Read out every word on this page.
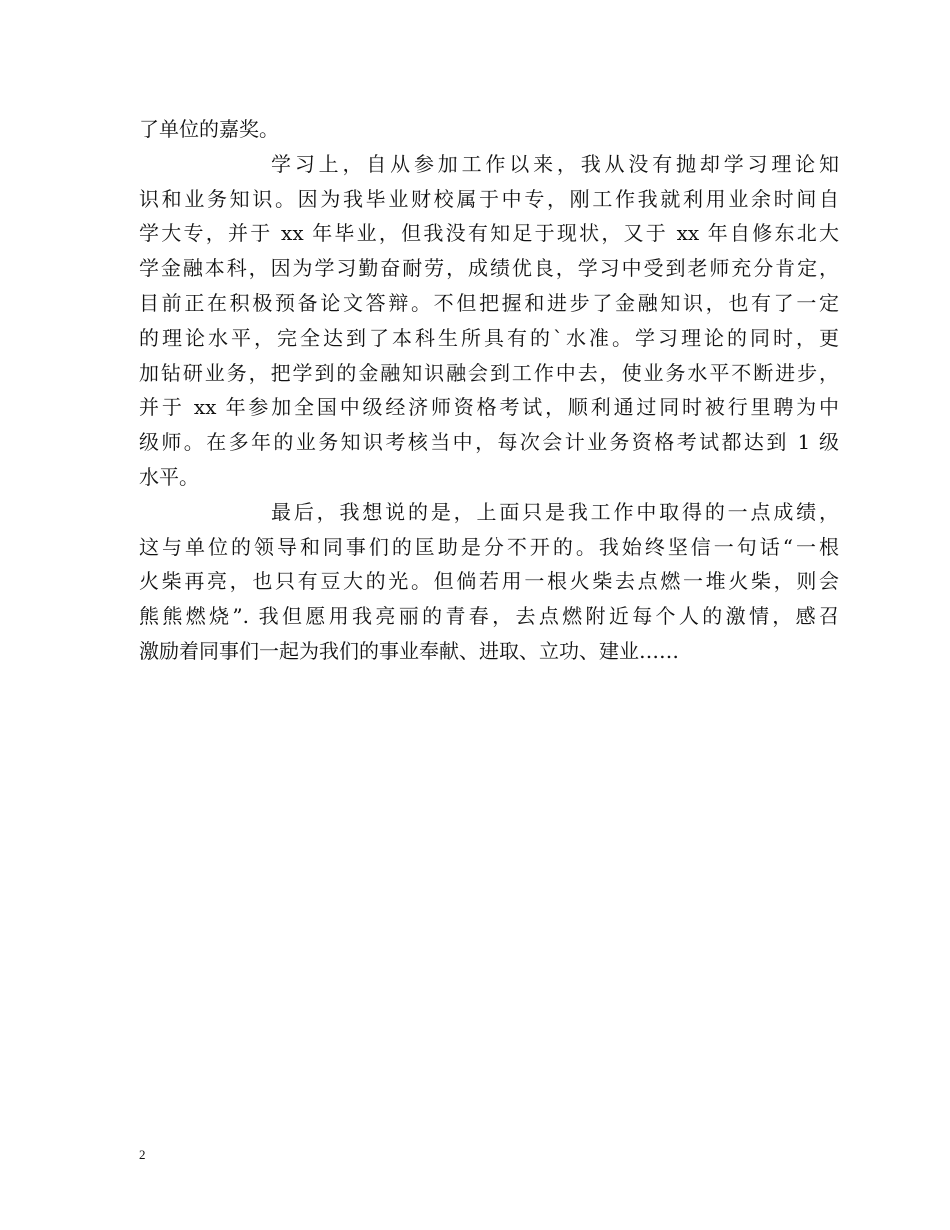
了单位的嘉奖。
学习上，自从参加工作以来，我从没有抛却学习理论知
识和业务知识。因为我毕业财校属于中专，刚工作我就利用业余时间自
学大专，并于 xx 年毕业，但我没有知足于现状，又于 xx 年自修东北大
学金融本科，因为学习勤奋耐劳，成绩优良，学习中受到老师充分肯定，
目前正在积极预备论文答辩。不但把握和进步了金融知识，也有了一定
的理论水平，完全达到了本科生所具有的`水准。学习理论的同时，更
加钻研业务，把学到的金融知识融会到工作中去，使业务水平不断进步，
并于 xx 年参加全国中级经济师资格考试，顺利通过同时被行里聘为中
级师。在多年的业务知识考核当中，每次会计业务资格考试都达到 1 级
水平。
最后，我想说的是，上面只是我工作中取得的一点成绩，
这与单位的领导和同事们的匡助是分不开的。我始终坚信一句话“一根
火柴再亮，也只有豆大的光。但倘若用一根火柴去点燃一堆火柴，则会
熊熊燃烧”. 我但愿用我亮丽的青春，去点燃附近每个人的激情，感召
激励着同事们一起为我们的事业奉献、进取、立功、建业……
2
